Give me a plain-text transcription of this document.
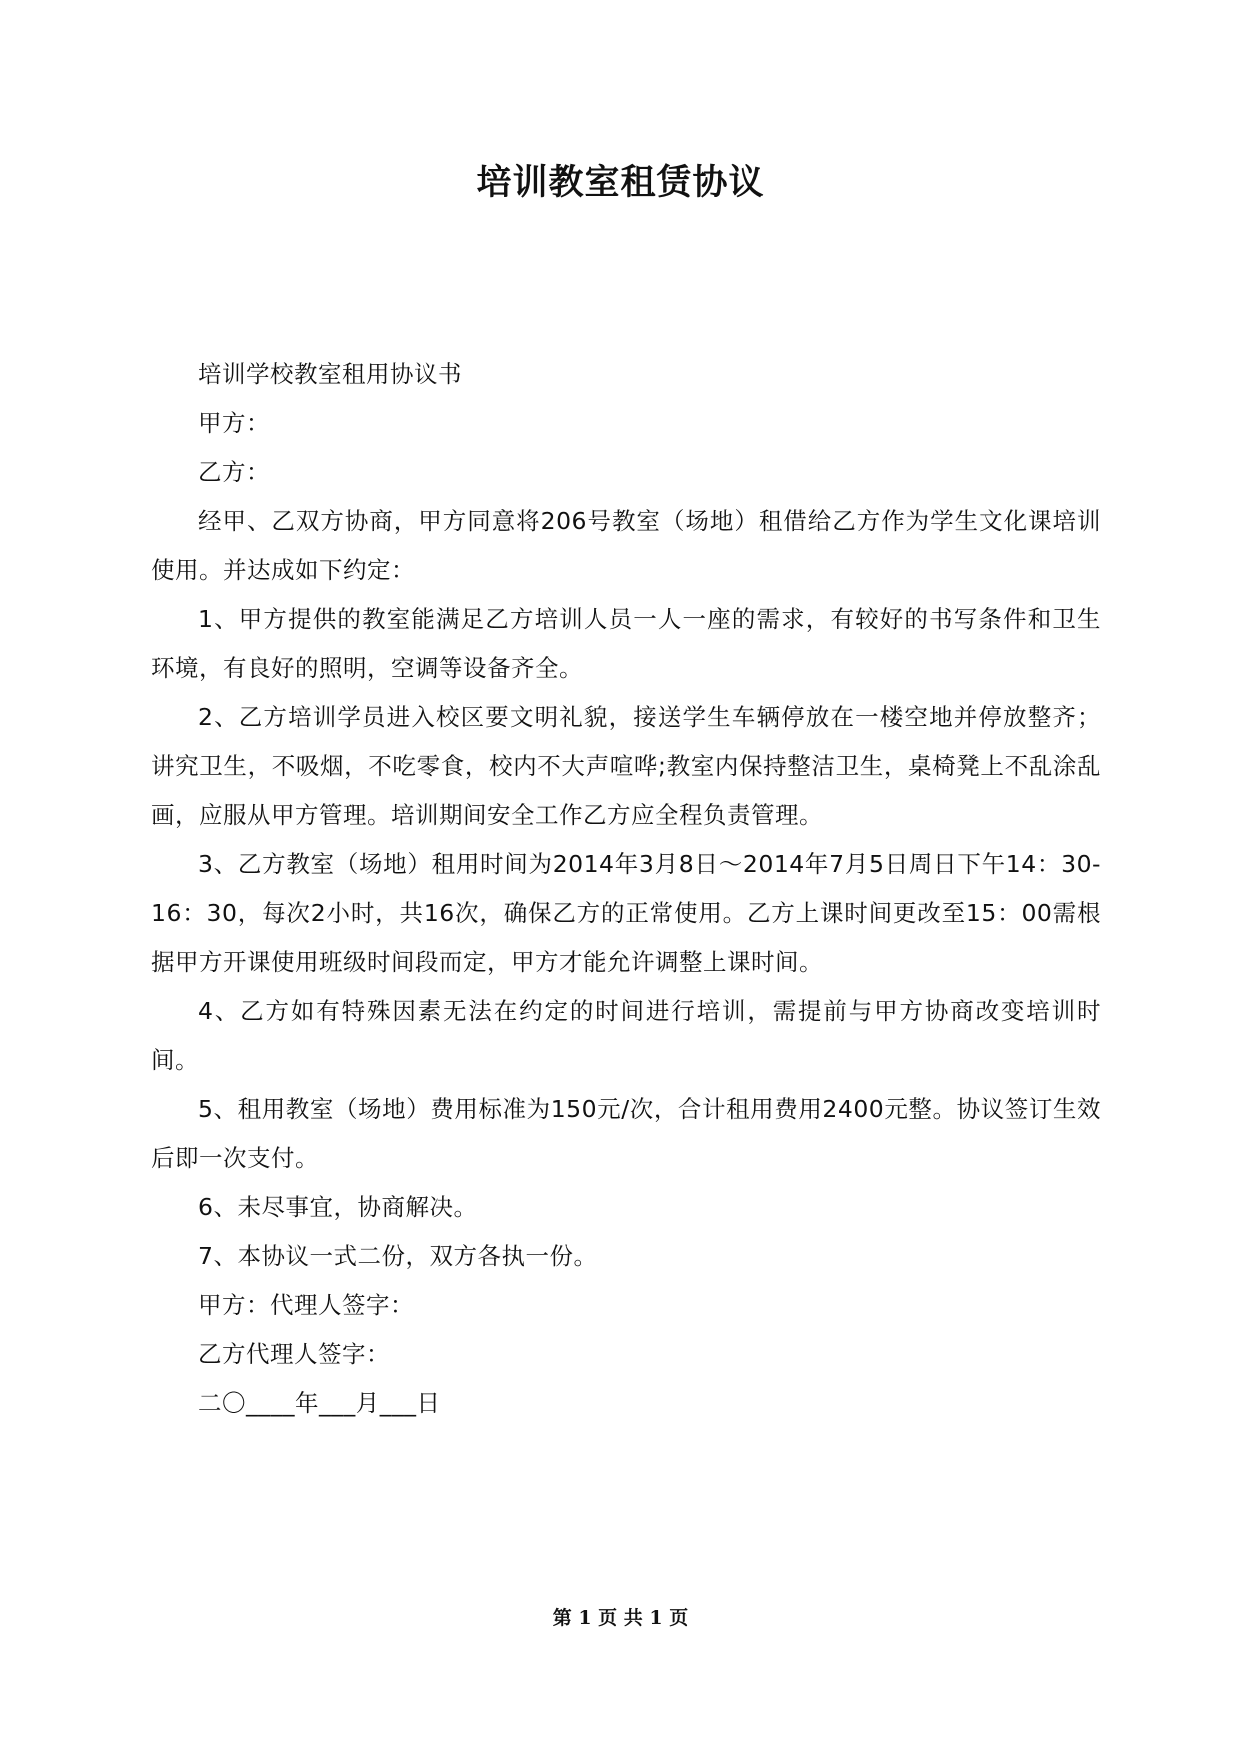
培训教室租赁协议

培训学校教室租用协议书

甲方：

乙方：

经甲、乙双方协商，甲方同意将206号教室（场地）租借给乙方作为学生文化课培训使用。并达成如下约定：

1、甲方提供的教室能满足乙方培训人员一人一座的需求，有较好的书写条件和卫生环境，有良好的照明，空调等设备齐全。

2、乙方培训学员进入校区要文明礼貌，接送学生车辆停放在一楼空地并停放整齐；讲究卫生，不吸烟，不吃零食，校内不大声喧哗;教室内保持整洁卫生，桌椅凳上不乱涂乱画，应服从甲方管理。培训期间安全工作乙方应全程负责管理。

3、乙方教室（场地）租用时间为2014年3月8日～2014年7月5日周日下午14：30-16：30，每次2小时，共16次，确保乙方的正常使用。乙方上课时间更改至15：00需根据甲方开课使用班级时间段而定，甲方才能允许调整上课时间。

4、乙方如有特殊因素无法在约定的时间进行培训，需提前与甲方协商改变培训时间。

5、租用教室（场地）费用标准为150元/次，合计租用费用2400元整。协议签订生效后即一次支付。

6、未尽事宜，协商解决。

7、本协议一式二份，双方各执一份。

甲方：代理人签字：

乙方代理人签字：

二〇____年___月___日

第 1 页 共 1 页
